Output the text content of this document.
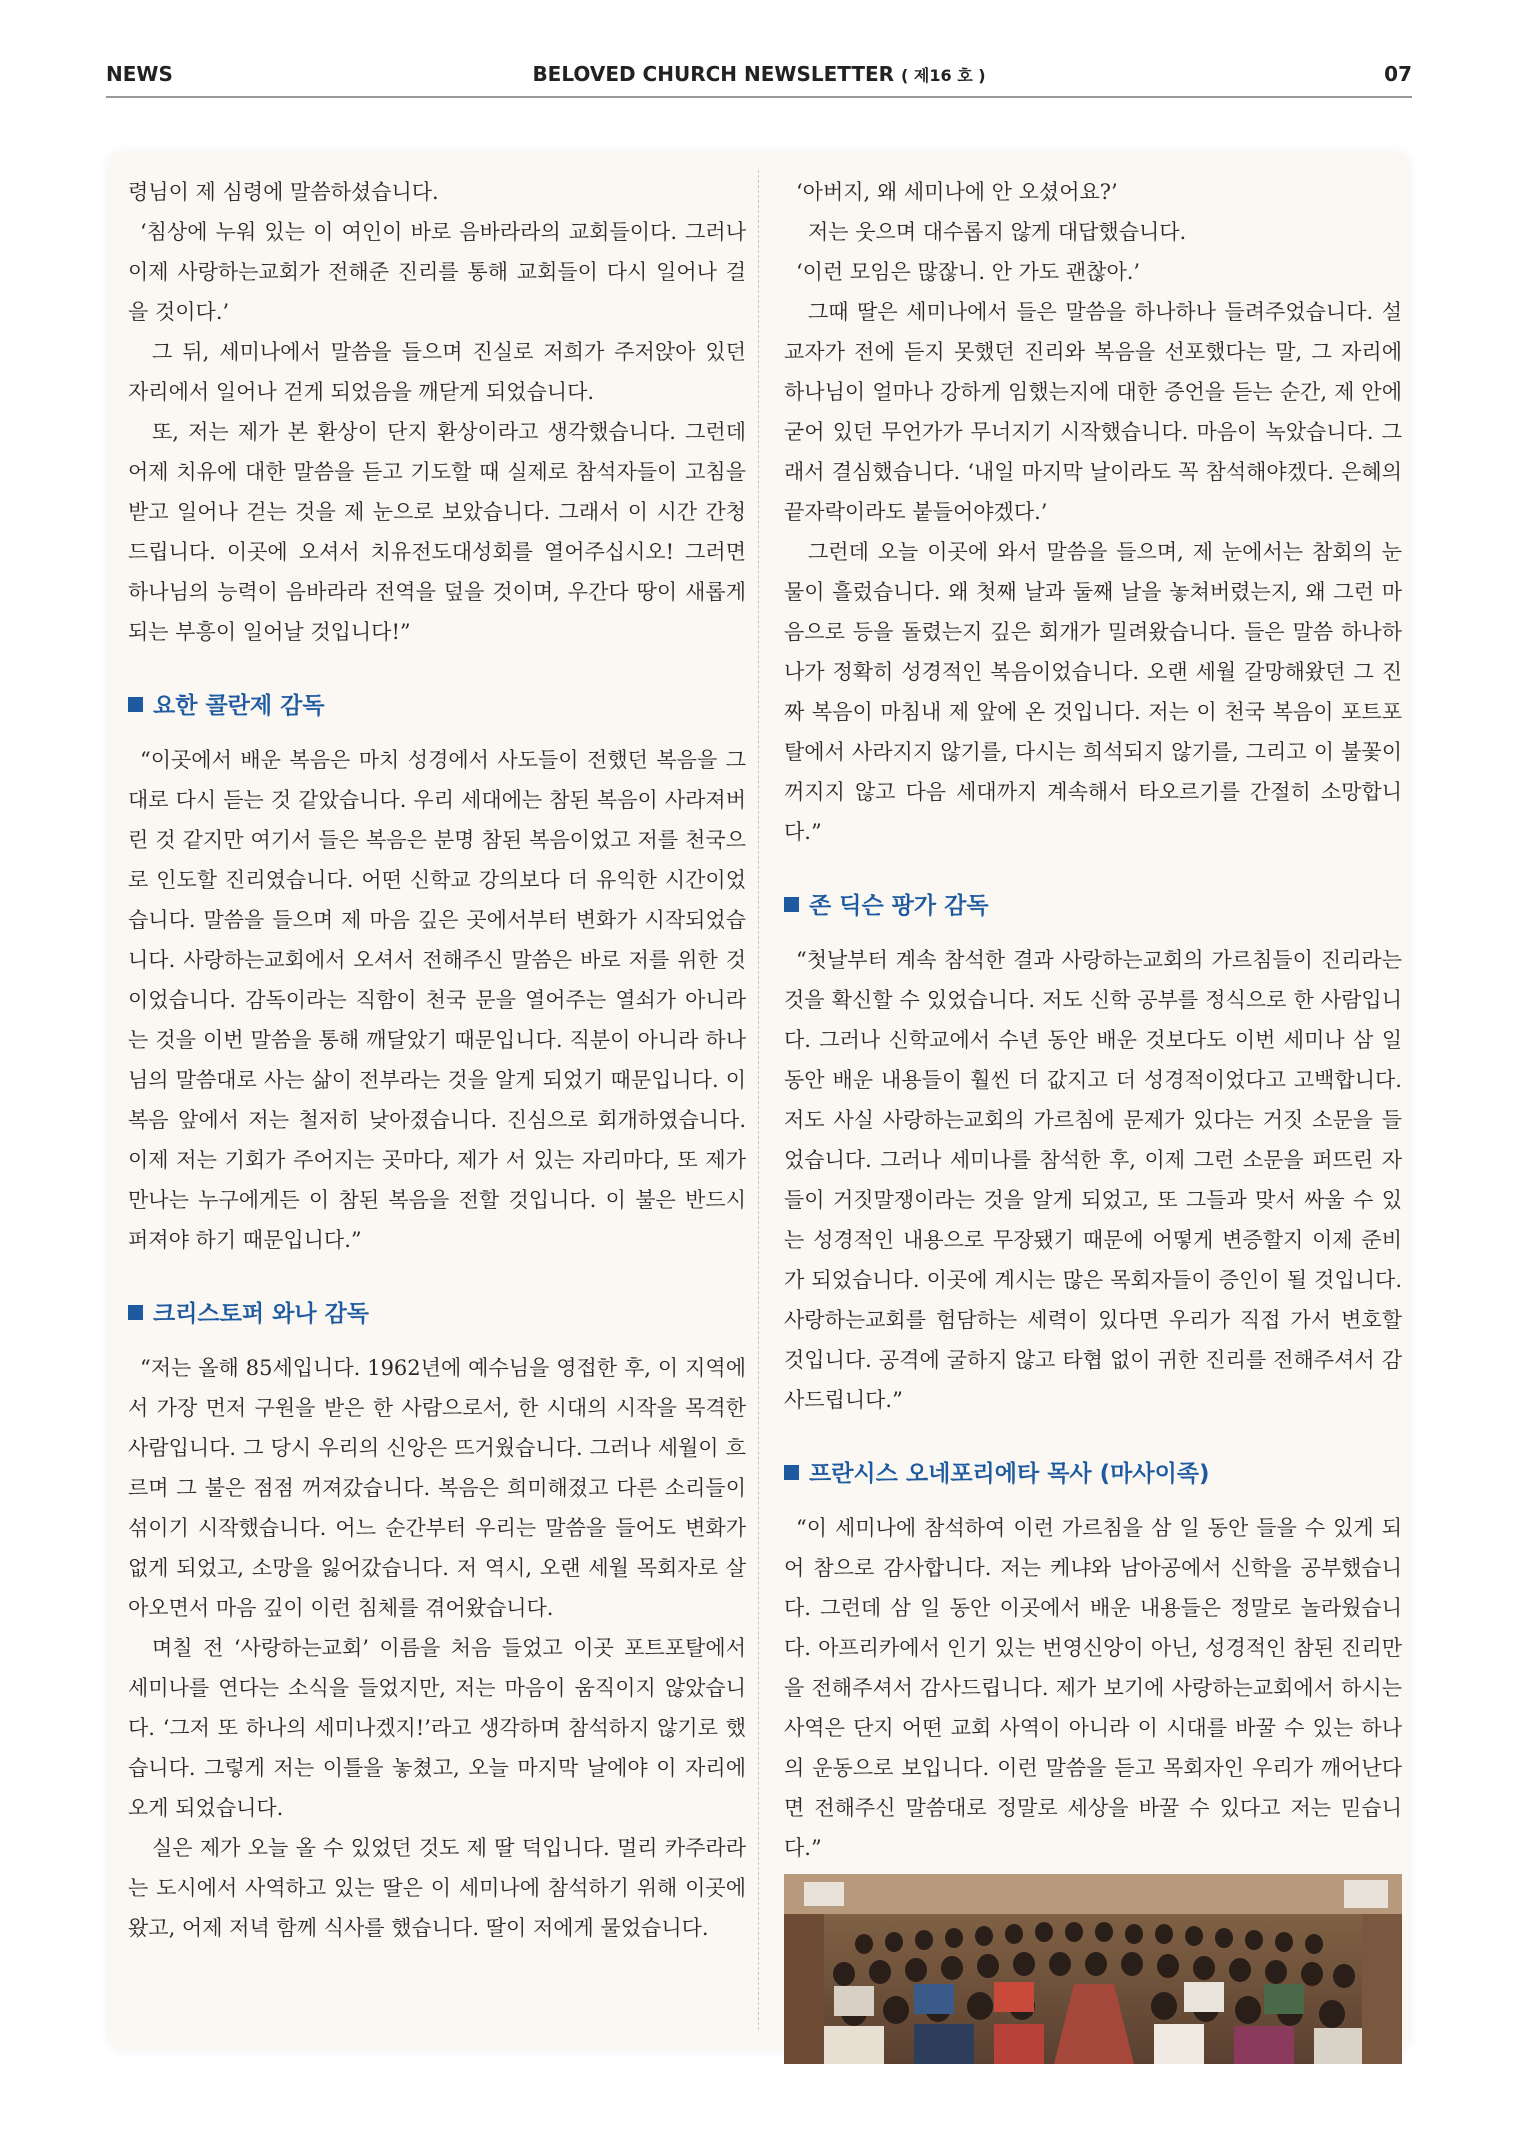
NEWS	BELOVED CHURCH NEWSLETTER ( 제16 호 )	07

령님이 제 심령에 말씀하셨습니다.

‘침상에 누워 있는 이 여인이 바로 음바라라의 교회들이다. 그러나 이제 사랑하는교회가 전해준 진리를 통해 교회들이 다시 일어나 걸을 것이다.’

그 뒤, 세미나에서 말씀을 들으며 진실로 저희가 주저앉아 있던 자리에서 일어나 걷게 되었음을 깨닫게 되었습니다.

또, 저는 제가 본 환상이 단지 환상이라고 생각했습니다. 그런데 어제 치유에 대한 말씀을 듣고 기도할 때 실제로 참석자들이 고침을 받고 일어나 걷는 것을 제 눈으로 보았습니다. 그래서 이 시간 간청드립니다. 이곳에 오셔서 치유전도대성회를 열어주십시오! 그러면 하나님의 능력이 음바라라 전역을 덮을 것이며, 우간다 땅이 새롭게 되는 부흥이 일어날 것입니다!”

요한 콜란제 감독

“이곳에서 배운 복음은 마치 성경에서 사도들이 전했던 복음을 그대로 다시 듣는 것 같았습니다. 우리 세대에는 참된 복음이 사라져버린 것 같지만 여기서 들은 복음은 분명 참된 복음이었고 저를 천국으로 인도할 진리였습니다. 어떤 신학교 강의보다 더 유익한 시간이었습니다. 말씀을 들으며 제 마음 깊은 곳에서부터 변화가 시작되었습니다. 사랑하는교회에서 오셔서 전해주신 말씀은 바로 저를 위한 것이었습니다. 감독이라는 직함이 천국 문을 열어주는 열쇠가 아니라는 것을 이번 말씀을 통해 깨달았기 때문입니다. 직분이 아니라 하나님의 말씀대로 사는 삶이 전부라는 것을 알게 되었기 때문입니다. 이 복음 앞에서 저는 철저히 낮아졌습니다. 진심으로 회개하였습니다. 이제 저는 기회가 주어지는 곳마다, 제가 서 있는 자리마다, 또 제가 만나는 누구에게든 이 참된 복음을 전할 것입니다. 이 불은 반드시 퍼져야 하기 때문입니다.”

크리스토퍼 와나 감독

“저는 올해 85세입니다. 1962년에 예수님을 영접한 후, 이 지역에서 가장 먼저 구원을 받은 한 사람으로서, 한 시대의 시작을 목격한 사람입니다. 그 당시 우리의 신앙은 뜨거웠습니다. 그러나 세월이 흐르며 그 불은 점점 꺼져갔습니다. 복음은 희미해졌고 다른 소리들이 섞이기 시작했습니다. 어느 순간부터 우리는 말씀을 들어도 변화가 없게 되었고, 소망을 잃어갔습니다. 저 역시, 오랜 세월 목회자로 살아오면서 마음 깊이 이런 침체를 겪어왔습니다.

며칠 전 ‘사랑하는교회’ 이름을 처음 들었고 이곳 포트포탈에서 세미나를 연다는 소식을 들었지만, 저는 마음이 움직이지 않았습니다. ‘그저 또 하나의 세미나겠지!’라고 생각하며 참석하지 않기로 했습니다. 그렇게 저는 이틀을 놓쳤고, 오늘 마지막 날에야 이 자리에 오게 되었습니다.

실은 제가 오늘 올 수 있었던 것도 제 딸 덕입니다. 멀리 카주라라는 도시에서 사역하고 있는 딸은 이 세미나에 참석하기 위해 이곳에 왔고, 어제 저녁 함께 식사를 했습니다. 딸이 저에게 물었습니다.

‘아버지, 왜 세미나에 안 오셨어요?’

저는 웃으며 대수롭지 않게 대답했습니다.

‘이런 모임은 많잖니. 안 가도 괜찮아.’

그때 딸은 세미나에서 들은 말씀을 하나하나 들려주었습니다. 설교자가 전에 듣지 못했던 진리와 복음을 선포했다는 말, 그 자리에 하나님이 얼마나 강하게 임했는지에 대한 증언을 듣는 순간, 제 안에 굳어 있던 무언가가 무너지기 시작했습니다. 마음이 녹았습니다. 그래서 결심했습니다. ‘내일 마지막 날이라도 꼭 참석해야겠다. 은혜의 끝자락이라도 붙들어야겠다.’

그런데 오늘 이곳에 와서 말씀을 들으며, 제 눈에서는 참회의 눈물이 흘렀습니다. 왜 첫째 날과 둘째 날을 놓쳐버렸는지, 왜 그런 마음으로 등을 돌렸는지 깊은 회개가 밀려왔습니다. 들은 말씀 하나하나가 정확히 성경적인 복음이었습니다. 오랜 세월 갈망해왔던 그 진짜 복음이 마침내 제 앞에 온 것입니다. 저는 이 천국 복음이 포트포탈에서 사라지지 않기를, 다시는 희석되지 않기를, 그리고 이 불꽃이 꺼지지 않고 다음 세대까지 계속해서 타오르기를 간절히 소망합니다.”

존 딕슨 팡가 감독

“첫날부터 계속 참석한 결과 사랑하는교회의 가르침들이 진리라는 것을 확신할 수 있었습니다. 저도 신학 공부를 정식으로 한 사람입니다. 그러나 신학교에서 수년 동안 배운 것보다도 이번 세미나 삼 일 동안 배운 내용들이 훨씬 더 값지고 더 성경적이었다고 고백합니다. 저도 사실 사랑하는교회의 가르침에 문제가 있다는 거짓 소문을 들었습니다. 그러나 세미나를 참석한 후, 이제 그런 소문을 퍼뜨린 자들이 거짓말쟁이라는 것을 알게 되었고, 또 그들과 맞서 싸울 수 있는 성경적인 내용으로 무장됐기 때문에 어떻게 변증할지 이제 준비가 되었습니다. 이곳에 계시는 많은 목회자들이 증인이 될 것입니다. 사랑하는교회를 험담하는 세력이 있다면 우리가 직접 가서 변호할 것입니다. 공격에 굴하지 않고 타협 없이 귀한 진리를 전해주셔서 감사드립니다.”

프란시스 오네포리에타 목사 (마사이족)

“이 세미나에 참석하여 이런 가르침을 삼 일 동안 들을 수 있게 되어 참으로 감사합니다. 저는 케냐와 남아공에서 신학을 공부했습니다. 그런데 삼 일 동안 이곳에서 배운 내용들은 정말로 놀라웠습니다. 아프리카에서 인기 있는 번영신앙이 아닌, 성경적인 참된 진리만을 전해주셔서 감사드립니다. 제가 보기에 사랑하는교회에서 하시는 사역은 단지 어떤 교회 사역이 아니라 이 시대를 바꿀 수 있는 하나의 운동으로 보입니다. 이런 말씀을 듣고 목회자인 우리가 깨어난다면 전해주신 말씀대로 정말로 세상을 바꿀 수 있다고 저는 믿습니다.”
